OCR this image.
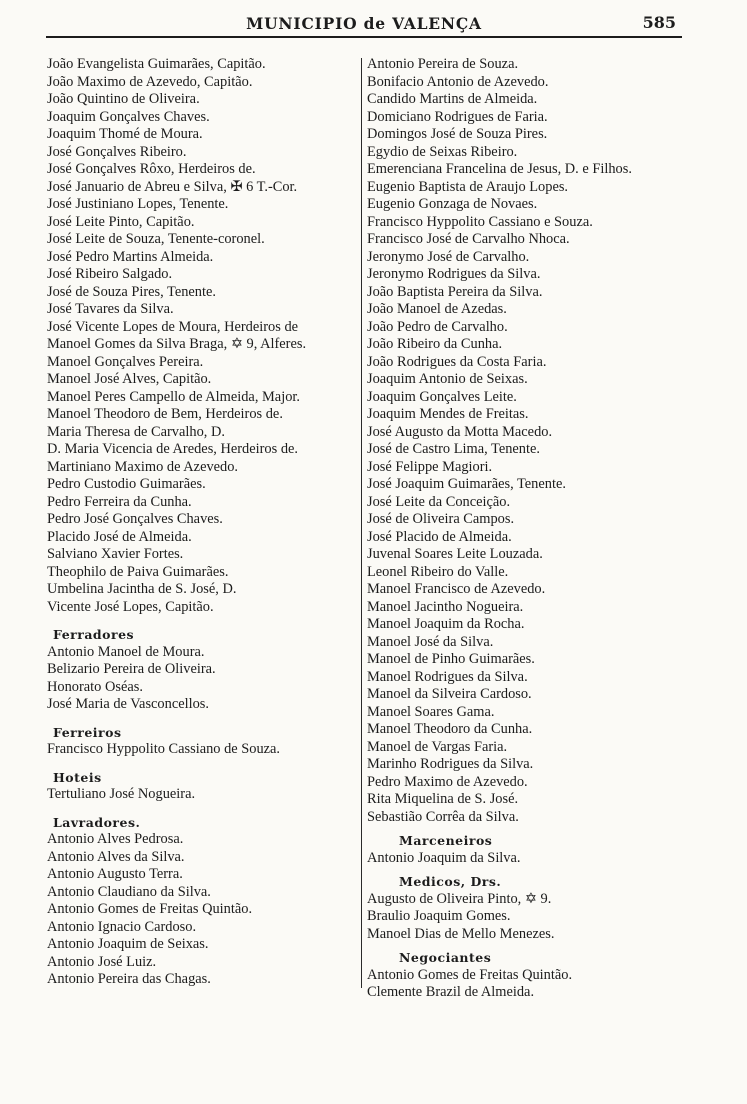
MUNICIPIO de VALENÇA	585
João Evangelista Guimarães, Capitão.
João Maximo de Azevedo, Capitão.
João Quintino de Oliveira.
Joaquim Gonçalves Chaves.
Joaquim Thomé de Moura.
José Gonçalves Ribeiro.
José Gonçalves Rôxo, Herdeiros de.
José Januario de Abreu e Silva, ✠ 6 T.-Cor.
José Justiniano Lopes, Tenente.
José Leite Pinto, Capitão.
José Leite de Souza, Tenente-coronel.
José Pedro Martins Almeida.
José Ribeiro Salgado.
José de Souza Pires, Tenente.
José Tavares da Silva.
José Vicente Lopes de Moura, Herdeiros de
Manoel Gomes da Silva Braga, ✡ 9, Alferes.
Manoel Gonçalves Pereira.
Manoel José Alves, Capitão.
Manoel Peres Campello de Almeida, Major.
Manoel Theodoro de Bem, Herdeiros de.
Maria Theresa de Carvalho, D.
D. Maria Vicencia de Aredes, Herdeiros de.
Martiniano Maximo de Azevedo.
Pedro Custodio Guimarães.
Pedro Ferreira da Cunha.
Pedro José Gonçalves Chaves.
Placido José de Almeida.
Salviano Xavier Fortes.
Theophilo de Paiva Guimarães.
Umbelina Jacintha de S. José, D.
Vicente José Lopes, Capitão.
Ferradores
Antonio Manoel de Moura.
Belizario Pereira de Oliveira.
Honorato Oséas.
José Maria de Vasconcellos.
Ferreiros
Francisco Hyppolito Cassiano de Souza.
Hoteis
Tertuliano José Nogueira.
Lavradores.
Antonio Alves Pedrosa.
Antonio Alves da Silva.
Antonio Augusto Terra.
Antonio Claudiano da Silva.
Antonio Gomes de Freitas Quintão.
Antonio Ignacio Cardoso.
Antonio Joaquim de Seixas.
Antonio José Luiz.
Antonio Pereira das Chagas.
Antonio Pereira de Souza.
Bonifacio Antonio de Azevedo.
Candido Martins de Almeida.
Domiciano Rodrigues de Faria.
Domingos José de Souza Pires.
Egydio de Seixas Ribeiro.
Emerenciana Francelina de Jesus, D. e Filhos.
Eugenio Baptista de Araujo Lopes.
Eugenio Gonzaga de Novaes.
Francisco Hyppolito Cassiano e Souza.
Francisco José de Carvalho Nhoca.
Jeronymo José de Carvalho.
Jeronymo Rodrigues da Silva.
João Baptista Pereira da Silva.
João Manoel de Azedas.
João Pedro de Carvalho.
João Ribeiro da Cunha.
João Rodrigues da Costa Faria.
Joaquim Antonio de Seixas.
Joaquim Gonçalves Leite.
Joaquim Mendes de Freitas.
José Augusto da Motta Macedo.
José de Castro Lima, Tenente.
José Felippe Magiori.
José Joaquim Guimarães, Tenente.
José Leite da Conceição.
José de Oliveira Campos.
José Placido de Almeida.
Juvenal Soares Leite Louzada.
Leonel Ribeiro do Valle.
Manoel Francisco de Azevedo.
Manoel Jacintho Nogueira.
Manoel Joaquim da Rocha.
Manoel José da Silva.
Manoel de Pinho Guimarães.
Manoel Rodrigues da Silva.
Manoel da Silveira Cardoso.
Manoel Soares Gama.
Manoel Theodoro da Cunha.
Manoel de Vargas Faria.
Marinho Rodrigues da Silva.
Pedro Maximo de Azevedo.
Rita Miquelina de S. José.
Sebastião Corrêa da Silva.
Marceneiros
Antonio Joaquim da Silva.
Medicos, Drs.
Augusto de Oliveira Pinto, ✡ 9.
Braulio Joaquim Gomes.
Manoel Dias de Mello Menezes.
Negociantes
Antonio Gomes de Freitas Quintão.
Clemente Brazil de Almeida.
